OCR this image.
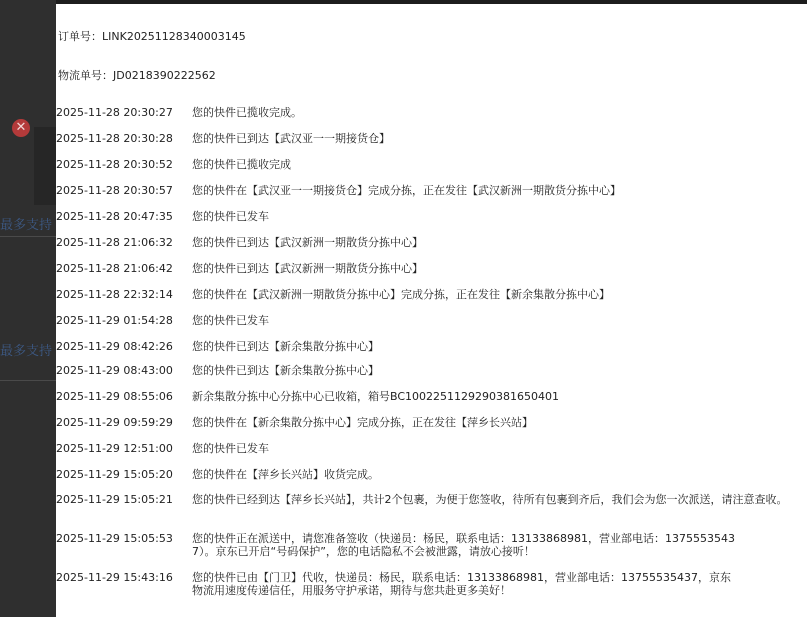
✕
最多支持
最多支持
订单号：LINK20251128340003145
物流单号：JD0218390222562
2025-11-28 20:30:27 您的快件已揽收完成。
2025-11-28 20:30:28 您的快件已到达【武汉亚一一期接货仓】
2025-11-28 20:30:52 您的快件已揽收完成
2025-11-28 20:30:57 您的快件在【武汉亚一一期接货仓】完成分拣，正在发往【武汉新洲一期散货分拣中心】
2025-11-28 20:47:35 您的快件已发车
2025-11-28 21:06:32 您的快件已到达【武汉新洲一期散货分拣中心】
2025-11-28 21:06:42 您的快件已到达【武汉新洲一期散货分拣中心】
2025-11-28 22:32:14 您的快件在【武汉新洲一期散货分拣中心】完成分拣，正在发往【新余集散分拣中心】
2025-11-29 01:54:28 您的快件已发车
2025-11-29 08:42:26 您的快件已到达【新余集散分拣中心】
2025-11-29 08:43:00 您的快件已到达【新余集散分拣中心】
2025-11-29 08:55:06 新余集散分拣中心分拣中心已收箱，箱号BC1002251129290381650401
2025-11-29 09:59:29 您的快件在【新余集散分拣中心】完成分拣，正在发往【萍乡长兴站】
2025-11-29 12:51:00 您的快件已发车
2025-11-29 15:05:20 您的快件在【萍乡长兴站】收货完成。
2025-11-29 15:05:21 您的快件已经到达【萍乡长兴站】，共计2个包裹，为便于您签收，待所有包裹到齐后，我们会为您一次派送，请注意查收。
2025-11-29 15:05:53 您的快件正在派送中，请您准备签收（快递员：杨民，联系电话：13133868981，营业部电话：13755535437）。京东已开启“号码保护”，您的电话隐私不会被泄露，请放心接听！
2025-11-29 15:43:16 您的快件已由【门卫】代收，快递员：杨民，联系电话：13133868981，营业部电话：13755535437，京东物流用速度传递信任，用服务守护承诺，期待与您共赴更多美好！
